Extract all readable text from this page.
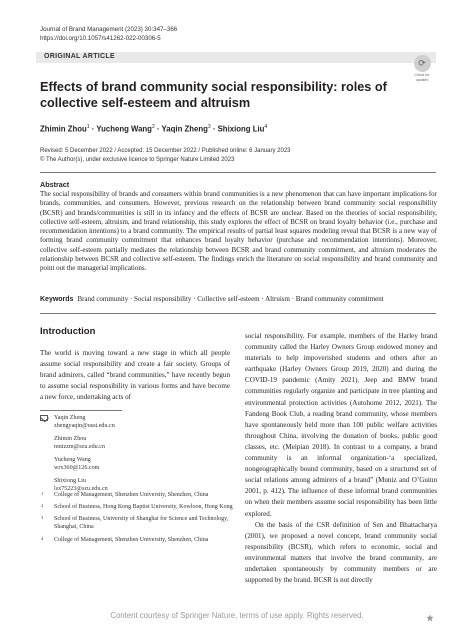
Journal of Brand Management (2023) 30:347–366
https://doi.org/10.1057/s41262-022-00306-5
ORIGINAL ARTICLE
⟳
Check for
updates
Effects of brand community social responsibility: roles of collective self-esteem and altruism
Zhimin Zhou$^1$ · Yucheng Wang$^2$ · Yaqin Zheng$^3$ · Shixiong Liu$^4$
Revised: 5 December 2022 / Accepted: 15 December 2022 / Published online: 6 January 2023
© The Author(s), under exclusive licence to Springer Nature Limited 2023
Abstract

The social responsibility of brands and consumers within brand communities is a new phenomenon that can have important implications for brands, communities, and consumers. However, previous research on the relationship between brand community social responsibility (BCSR) and brands/communities is still in its infancy and the effects of BCSR are unclear. Based on the theories of social responsibility, collective self-esteem, altruism, and brand relationship, this study explores the effect of BCSR on brand loyalty behavior (i.e., purchase and recommendation intentions) to a brand community. The empirical results of partial least squares modeling reveal that BCSR is a new way of forming brand community commitment that enhances brand loyalty behavior (purchase and recommendation intentions). Moreover, collective self-esteem partially mediates the relationship between BCSR and brand community commitment, and altruism moderates the relationship between BCSR and collective self-esteem. The findings enrich the literature on social responsibility and brand community and point out the managerial implications.

Keywords Brand community · Social responsibility · Collective self-esteem · Altruism · Brand community commitment
Introduction

The world is moving toward a new stage in which all people assume social responsibility and create a fair society. Groups of brand admirers, called “brand communities,” have recently begun to assume social responsibility in various forms and have become a new force, undertaking acts of

Yaqin Zheng
zhengyaqin@usst.edu.cn
Zhimin Zhou
mnizzm@szu.edu.cn
Yucheng Wang
wrx360@126.com
Shixiong Liu
lsx75223@szu.edu.cn
1 College of Management, Shenzhen University, Shenzhen, China
2 School of Business, Hong Kong Baptist University, Kowloon, Hong Kong
3 School of Business, University of Shanghai for Science and Technology, Shanghai, China
4 College of Management, Shenzhen University, Shenzhen, China

social responsibility. For example, members of the Harley brand community called the Harley Owners Group endowed money and materials to help impoverished students and others after an earthquake (Harley Owners Group 2019, 2020) and during the COVID-19 pandemic (Amity 2021). Jeep and BMW brand communities regularly organize and participate in tree planting and environmental protection activities (Autohome 2012, 2021). The Fandeng Book Club, a reading brand community, whose members have spontaneously held more than 100 public welfare activities throughout China, involving the donation of books, public good classes, etc. (Meipian 2018). In contrast to a company, a brand community is an informal organization-‘a specialized, nongeographically bound community, based on a structured set of social relations among admirers of a brand” (Muniz and O’Guinn 2001, p. 412). The influence of these informal brand communities on when their members assume social responsibility has been little explored.

On the basis of the CSR definition of Sen and Bhattacharya (2001), we proposed a novel concept, brand community social responsibility (BCSR), which refers to economic, social and environmental matters that involve the brand community, are undertaken spontaneously by community members or are supported by the brand. BCSR is not directly

Content courtesy of Springer Nature, terms of use apply. Rights reserved.
